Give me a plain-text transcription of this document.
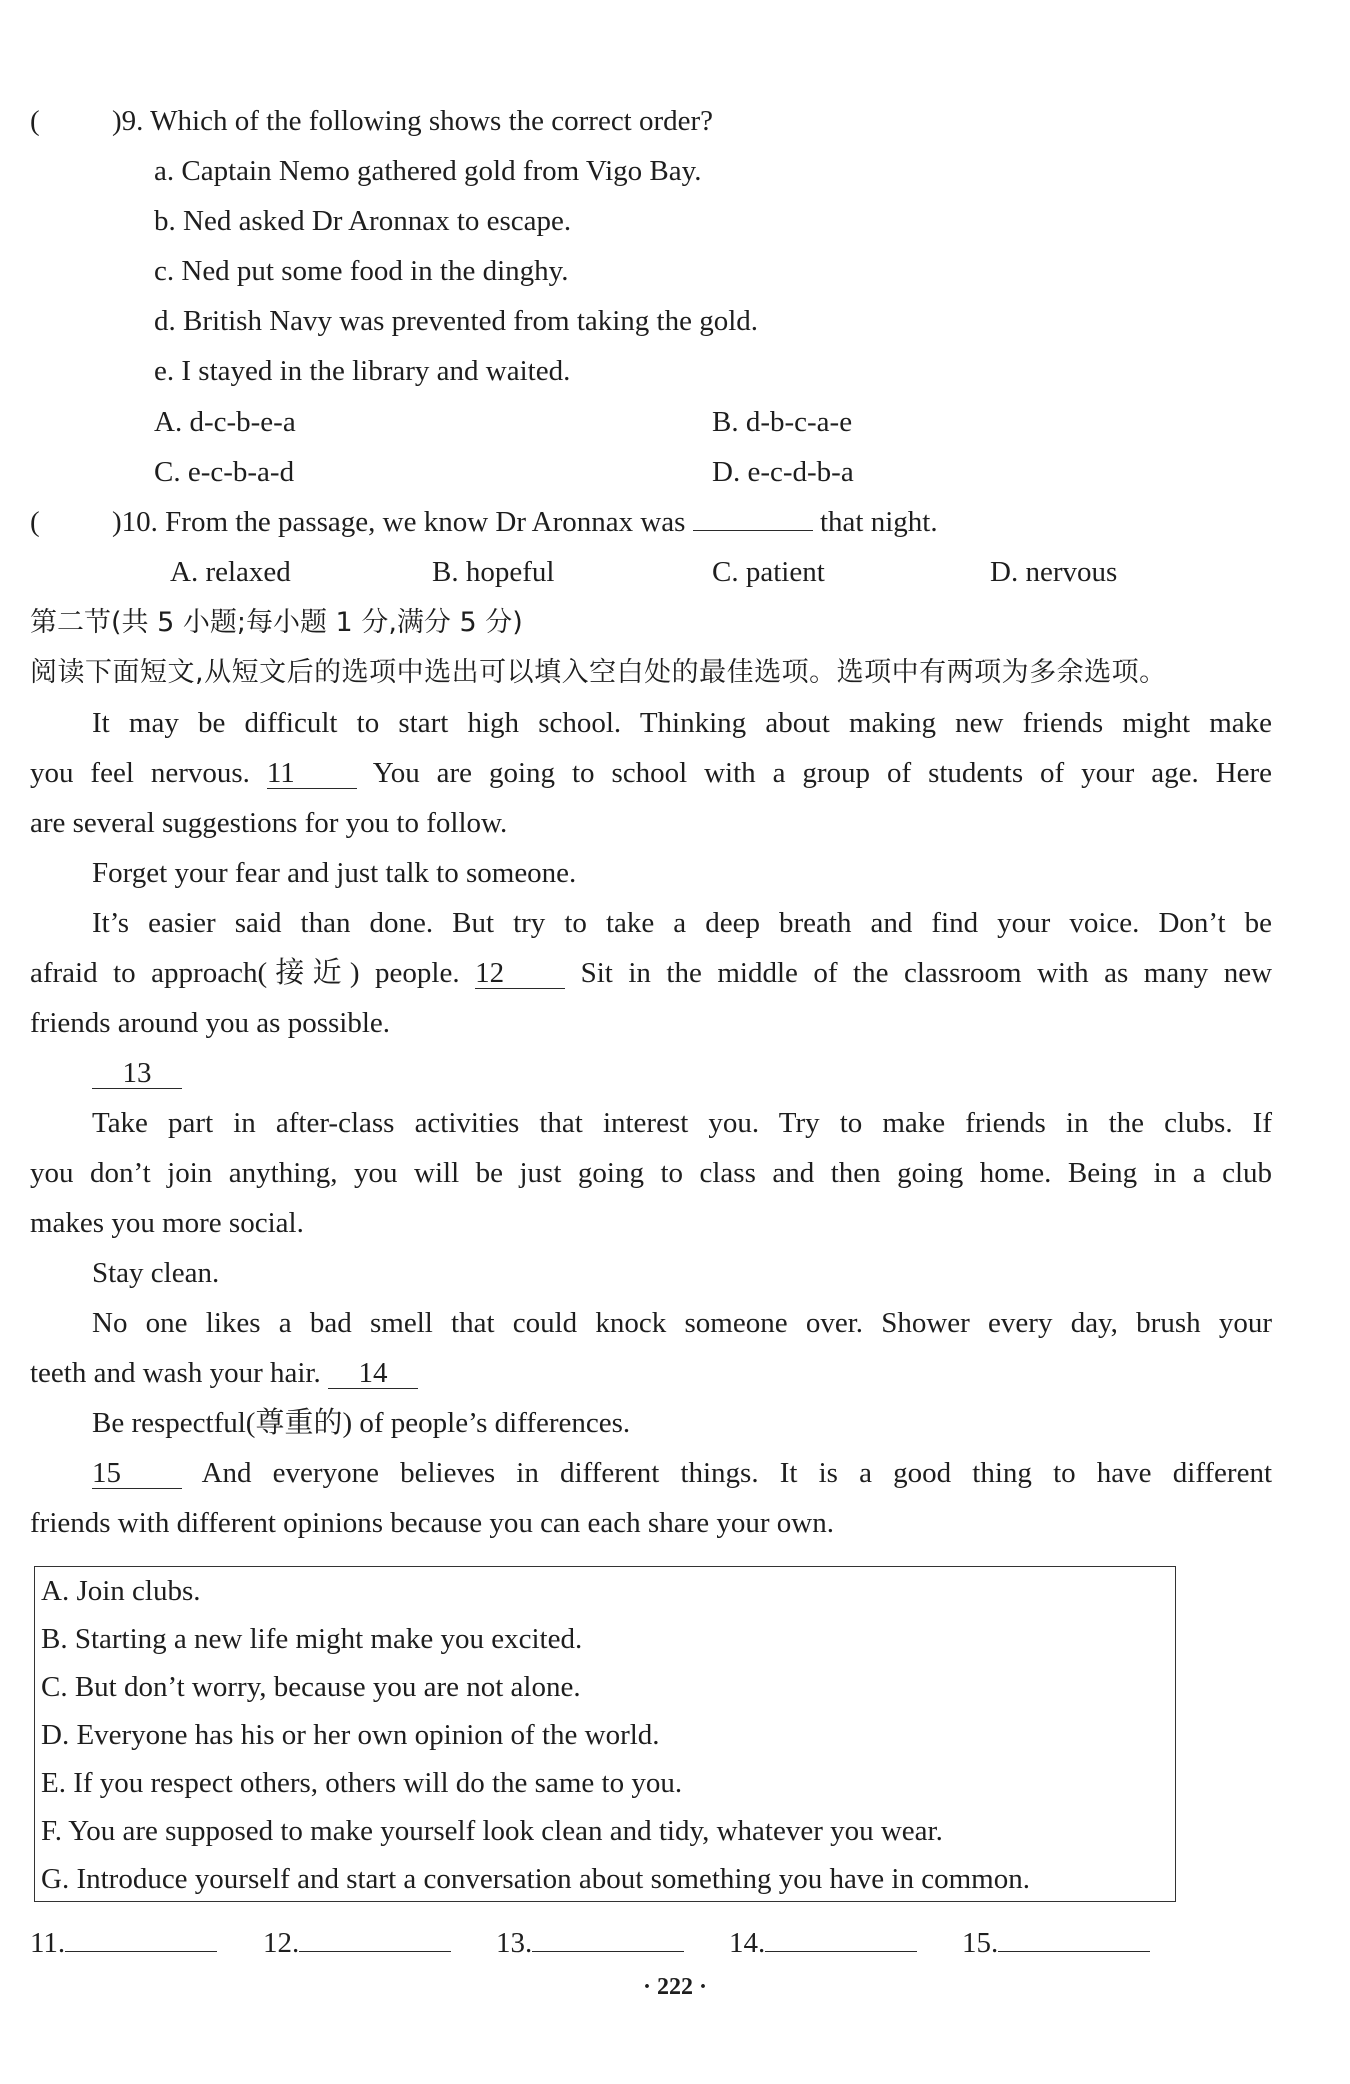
( )9. Which of the following shows the correct order?
a. Captain Nemo gathered gold from Vigo Bay.
b. Ned asked Dr Aronnax to escape.
c. Ned put some food in the dinghy.
d. British Navy was prevented from taking the gold.
e. I stayed in the library and waited.
A. d-c-b-e-a	B. d-b-c-a-e
C. e-c-b-a-d	D. e-c-d-b-a
( )10. From the passage, we know Dr Aronnax was	that night.
A. relaxed	B. hopeful	C. patient	D. nervous
第二节(共 5 小题;每小题 1 分,满分 5 分)
阅读下面短文,从短文后的选项中选出可以填入空白处的最佳选项。选项中有两项为多余选项。
It may be difficult to start high school. Thinking about making new friends might make
you feel nervous. 11	You are going to school with a group of students of your age. Here
are several suggestions for you to follow.
Forget your fear and just talk to someone.
It’s easier said than done. But try to take a deep breath and find your voice. Don’t be
afraid to approach(接近) people. 12	Sit in the middle of the classroom with as many new
friends around you as possible.
13
Take part in after-class activities that interest you. Try to make friends in the clubs. If
you don’t join anything, you will be just going to class and then going home. Being in a club
makes you more social.
Stay clean.
No one likes a bad smell that could knock someone over. Shower every day, brush your
teeth and wash your hair. 14
Be respectful(尊重的) of people’s differences.
15	And everyone believes in different things. It is a good thing to have different
friends with different opinions because you can each share your own.
A. Join clubs.
B. Starting a new life might make you excited.
C. But don’t worry, because you are not alone.
D. Everyone has his or her own opinion of the world.
E. If you respect others, others will do the same to you.
F. You are supposed to make yourself look clean and tidy, whatever you wear.
G. Introduce yourself and start a conversation about something you have in common.
11.	12.	13.	14.	15.
· 222 ·
